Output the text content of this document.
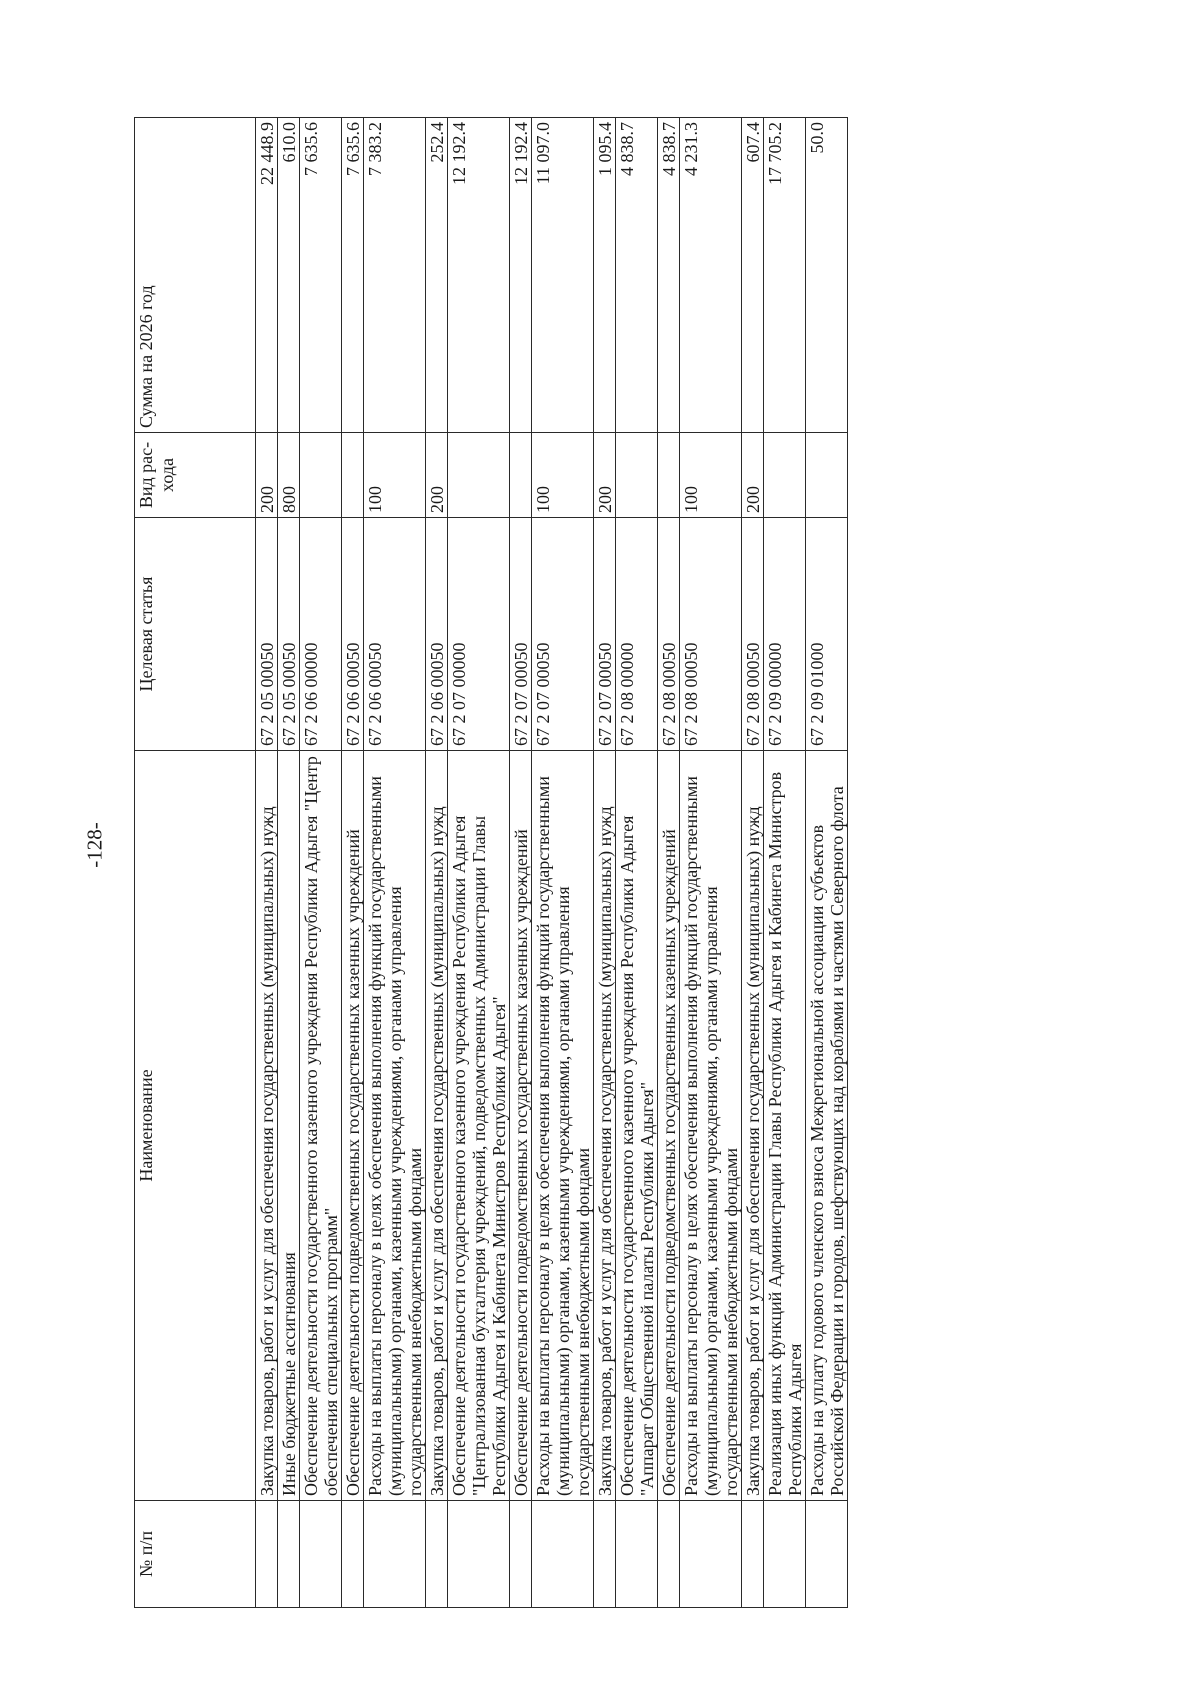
-128-
№ п/п	Наименование	Целевая статья	Вид рас-хода	Сумма на 2026 год
	Закупка товаров, работ и услуг для обеспечения государственных (муниципальных) нужд	67 2 05 00050	200	22 448.9
	Иные бюджетные ассигнования	67 2 05 00050	800	610.0
	Обеспечение деятельности государственного казенного учреждения Республики Адыгея "Центр обеспечения специальных программ"	67 2 06 00000		7 635.6
	Обеспечение деятельности подведомственных государственных казенных учреждений	67 2 06 00050		7 635.6
	Расходы на выплаты персоналу в целях обеспечения выполнения функций государственными (муниципальными) органами, казенными учреждениями, органами управления государственными внебюджетными фондами	67 2 06 00050	100	7 383.2
	Закупка товаров, работ и услуг для обеспечения государственных (муниципальных) нужд	67 2 06 00050	200	252.4
	Обеспечение деятельности государственного казенного учреждения Республики Адыгея "Централизованная бухгалтерия учреждений, подведомственных Администрации Главы Республики Адыгея и Кабинета Министров Республики Адыгея"	67 2 07 00000		12 192.4
	Обеспечение деятельности подведомственных государственных казенных учреждений	67 2 07 00050		12 192.4
	Расходы на выплаты персоналу в целях обеспечения выполнения функций государственными (муниципальными) органами, казенными учреждениями, органами управления государственными внебюджетными фондами	67 2 07 00050	100	11 097.0
	Закупка товаров, работ и услуг для обеспечения государственных (муниципальных) нужд	67 2 07 00050	200	1 095.4
	Обеспечение деятельности государственного казенного учреждения Республики Адыгея "Аппарат Общественной палаты Республики Адыгея"	67 2 08 00000		4 838.7
	Обеспечение деятельности подведомственных государственных казенных учреждений	67 2 08 00050		4 838.7
	Расходы на выплаты персоналу в целях обеспечения выполнения функций государственными (муниципальными) органами, казенными учреждениями, органами управления государственными внебюджетными фондами	67 2 08 00050	100	4 231.3
	Закупка товаров, работ и услуг для обеспечения государственных (муниципальных) нужд	67 2 08 00050	200	607.4
	Реализация иных функций Администрации Главы Республики Адыгея и Кабинета Министров Республики Адыгея	67 2 09 00000		17 705.2
	Расходы на уплату годового членского взноса Межрегиональной ассоциации субъектов Российской Федерации и городов, шефствующих над кораблями и частями Северного флота	67 2 09 01000		50.0
